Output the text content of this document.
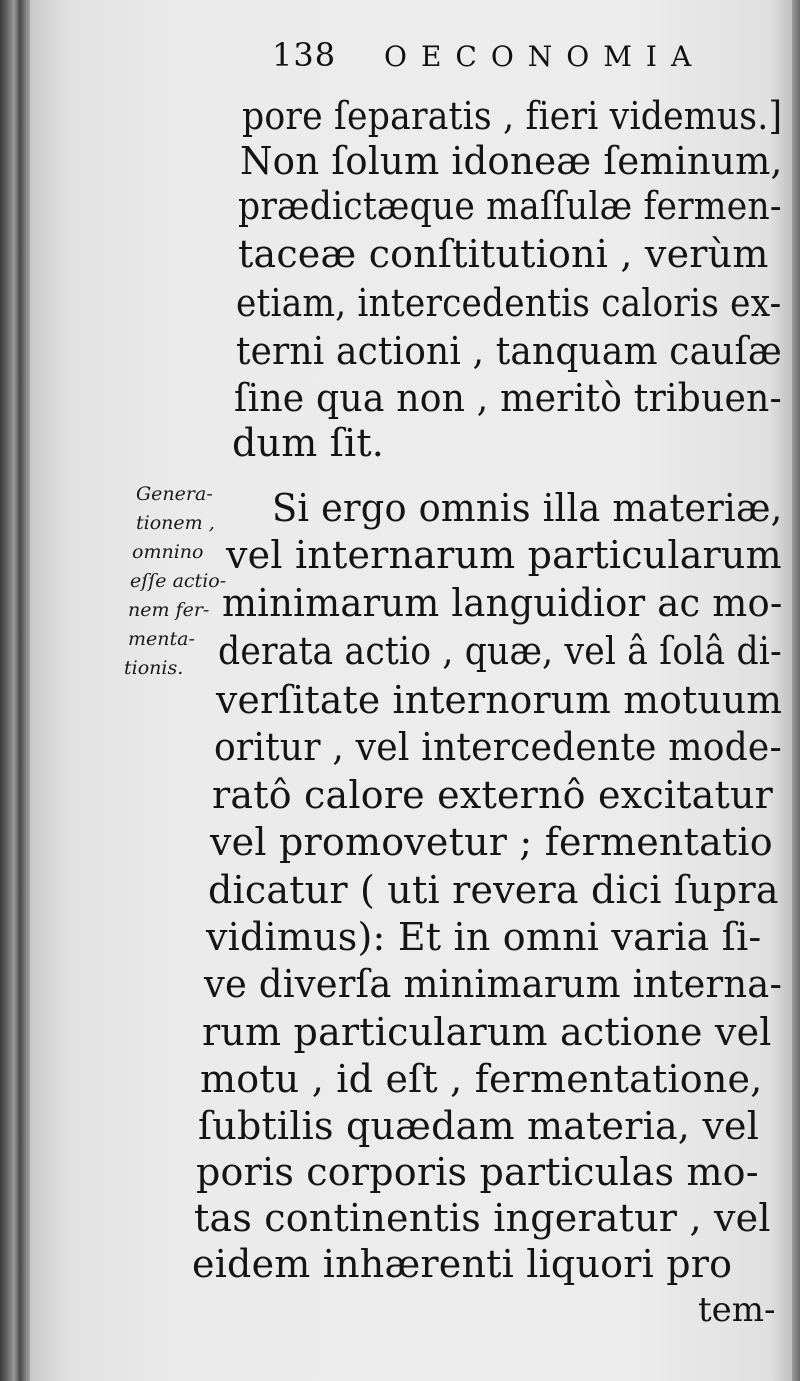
138 OECONOMIA
pore ſeparatis , fieri videmus.]
Non ſolum idoneæ ſeminum,
prædictæque maſſulæ fermen-
taceæ conſtitutioni , verùm
etiam, intercedentis caloris ex-
terni actioni , tanquam cauſæ
ſine qua non , meritò tribuen-
dum ſit.
Si ergo omnis illa materiæ,
vel internarum particularum
minimarum languidior ac mo-
derata actio , quæ, vel â ſolâ di-
verſitate internorum motuum
oritur , vel intercedente mode-
ratô calore externô excitatur
vel promovetur ; fermentatio
dicatur ( uti revera dici ſupra
vidimus): Et in omni varia ſi-
ve diverſa minimarum interna-
rum particularum actione vel
motu , id eſt , fermentatione,
ſubtilis quædam materia, vel
poris corporis particulas mo-
tas continentis ingeratur , vel
eidem inhærenti liquori pro
Genera-
tionem ,
omnino
eſſe actio-
nem fer-
menta-
tionis.
tem-
